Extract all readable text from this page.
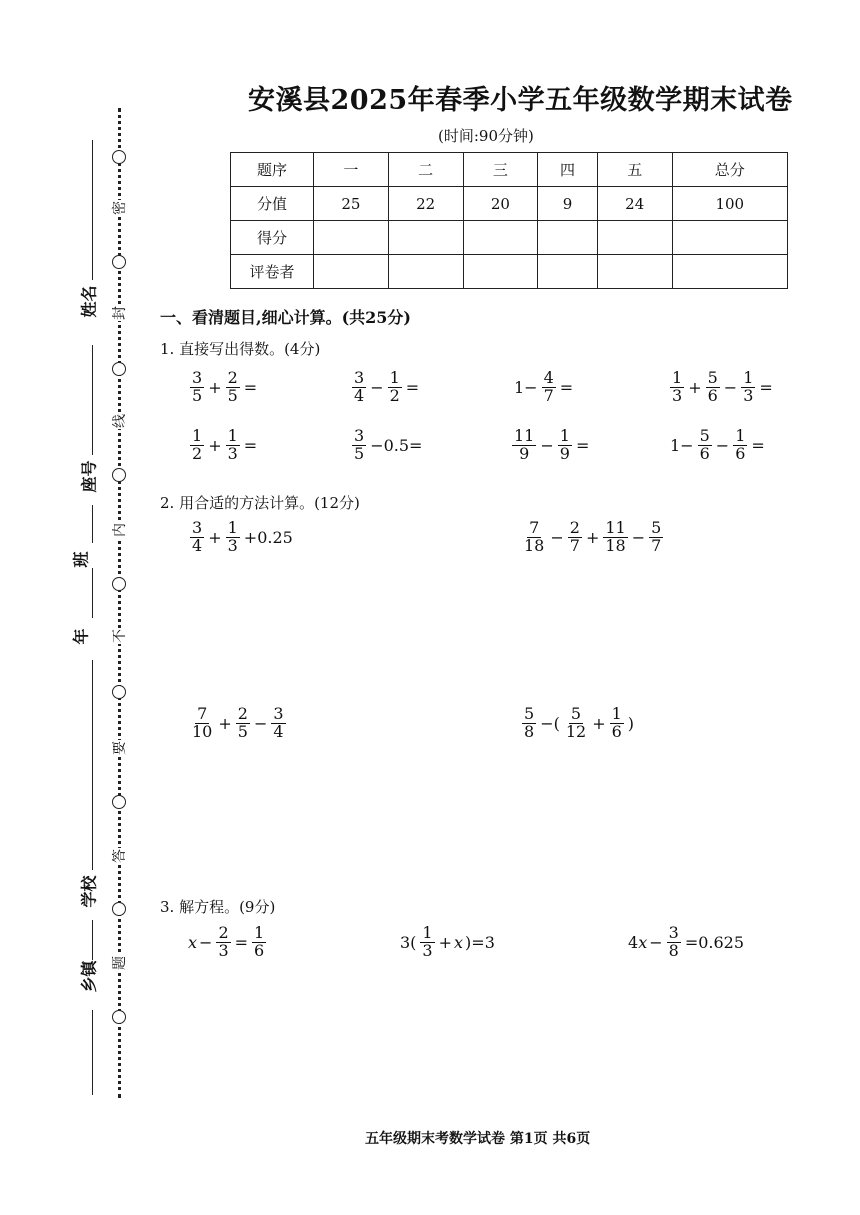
密
封
线
内
不
要
答
题
姓名
座号
班
年
学校
乡镇
安溪县2025年春季小学五年级数学期末试卷
(时间:90分钟)
题序	一	二	三	四	五	总分
分值	25	22	20	9	24	100
得分						
评卷者						
一、看清题目,细心计算。(共25分)
1. 直接写出得数。(4分)
$\frac{3}{5} + \frac{2}{5}$ =	$\frac{3}{4} - \frac{1}{2}$ =	$1- \frac{4}{7}$ =	$\frac{1}{3} + \frac{5}{6} - \frac{1}{3}$ =
$\frac{1}{2} + \frac{1}{3}$ =	$\frac{3}{5} -0.5=$	$\frac{11}{9} - \frac{1}{9}$ =	$1- \frac{5}{6} - \frac{1}{6}$ =
2. 用合适的方法计算。(12分)
$\frac{3}{4} + \frac{1}{3} +0.25$	$\frac{7}{18} - \frac{2}{7} + \frac{11}{18} - \frac{5}{7}$
$\frac{7}{10} + \frac{2}{5} - \frac{3}{4}$	$\frac{5}{8}$ −( $\frac{5}{12} + \frac{1}{6}$ )
3. 解方程。(9分)
$x - \frac{2}{3} = \frac{1}{6}$	$3( \frac{1}{3} + x$ )=3	4 $x - \frac{3}{8} =0.625$
五年级期末考数学试卷 第1页 共6页
